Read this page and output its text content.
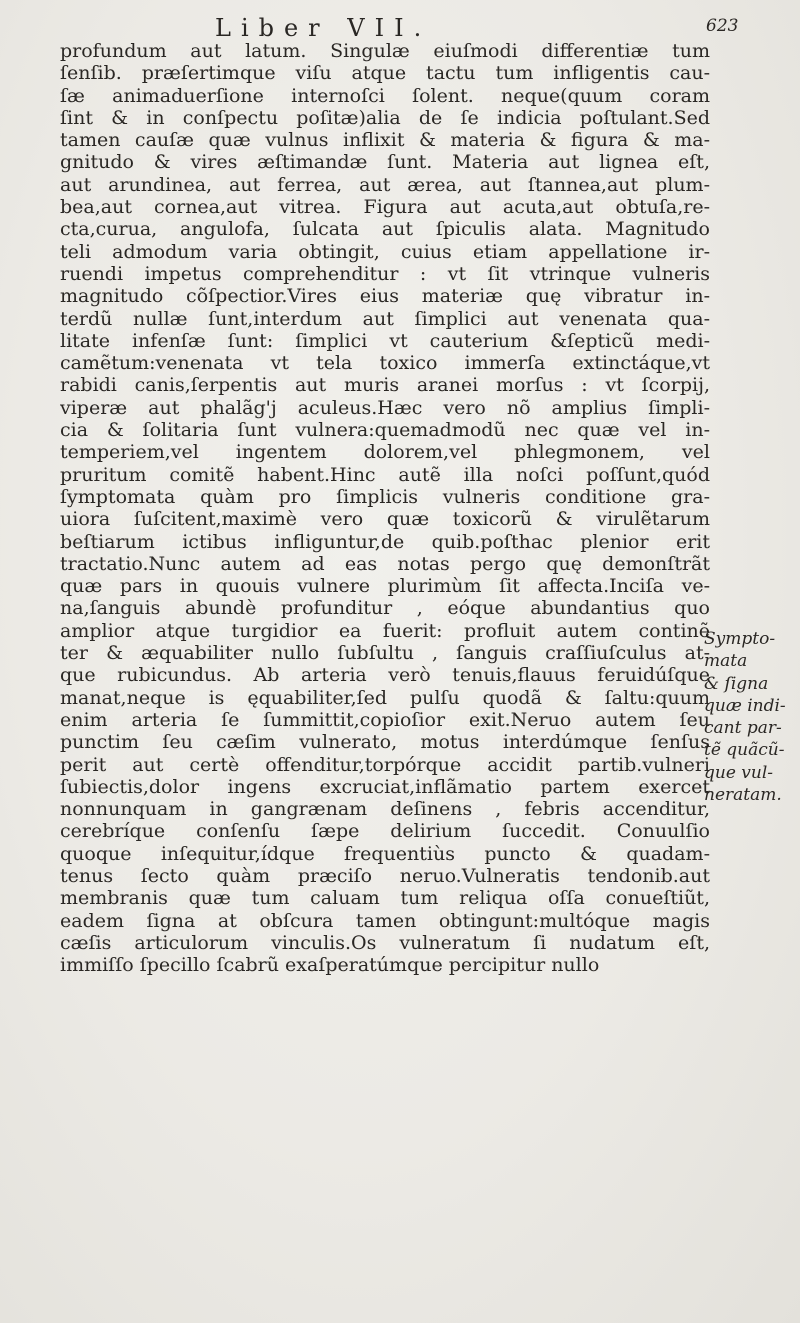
Liber VII.	623
profundum aut latum. Singulæ eiuſmodi differentiæ tum
ſenſib. præſertimque viſu atque tactu tum infligentis cau-
ſæ animaduerſione internoſci ſolent. neque(quum coram
ſint & in conſpectu poſitæ)alia de ſe indicia poſtulant.Sed
tamen cauſæ quæ vulnus inflixit & materia & figura & ma-
gnitudo & vires æſtimandæ ſunt. Materia aut lignea eſt,
aut arundinea, aut ferrea, aut ærea, aut ſtannea,aut plum-
bea,aut cornea,aut vitrea. Figura aut acuta,aut obtuſa,re-
cta,curua, angulofa, ſulcata aut ſpiculis alata. Magnitudo
teli admodum varia obtingit, cuius etiam appellatione ir-
ruendi impetus comprehenditur : vt ſit vtrinque vulneris
magnitudo cõſpectior.Vires eius materiæ quę vibratur in-
terdũ nullæ ſunt,interdum aut ſimplici aut venenata qua-
litate infenſæ ſunt: ſimplici vt cauterium &ſepticũ medi-
camẽtum:venenata vt tela toxico immerſa extinctáque,vt
rabidi canis,ſerpentis aut muris aranei morſus : vt ſcorpij,
viperæ aut phalãg'j aculeus.Hæc vero nõ amplius ſimpli-
cia & ſolitaria ſunt vulnera:quemadmodũ nec quæ vel in-
temperiem,vel ingentem dolorem,vel phlegmonem, vel
pruritum comitẽ habent.Hinc autẽ illa noſci poſſunt,quód
ſymptomata quàm pro ſimplicis vulneris conditione gra-
uiora ſuſcitent,maximè vero quæ toxicorũ & virulẽtarum
beſtiarum ictibus infliguntur,de quib.poſthac plenior erit
tractatio.Nunc autem ad eas notas pergo quę demonſtrãt
quæ pars in quouis vulnere plurimùm ſit affecta.Inciſa ve-
na,ſanguis abundè profunditur , eóque abundantius quo
amplior atque turgidior ea fuerit: profluit autem continẽ
ter & æquabiliter nullo ſubſultu , ſanguis craſſiuſculus at-
que rubicundus. Ab arteria verò tenuis,flauus feruidúſque
manat,neque is ęquabiliter,ſed pulſu quodã & ſaltu:quum
enim arteria ſe ſummittit,copioſior exit.Neruo autem ſeu
punctim ſeu cæſim vulnerato, motus interdúmque ſenſus
perit aut certè offenditur,torpórque accidit partib.vulneri
ſubiectis,dolor ingens excruciat,inflãmatio partem exercet
nonnunquam in gangrænam deſinens , febris accenditur,
cerebríque conſenſu ſæpe delirium ſuccedit. Conuulſio
quoque inſequitur,ídque frequentiùs puncto & quadam-
tenus ſecto quàm præciſo neruo.Vulneratis tendonib.aut
membranis quæ tum caluam tum reliqua oſſa conueſtiũt,
eadem ſigna at obſcura tamen obtingunt:multóque magis
cæſis articulorum vinculis.Os vulneratum ſi nudatum eſt,
immiſſo ſpecillo ſcabrũ exaſperatúmque percipitur nullo
Sympto-
mata
& ſigna
quæ indi-
cant par-
tẽ quãcũ-
que vul-
neratam.
